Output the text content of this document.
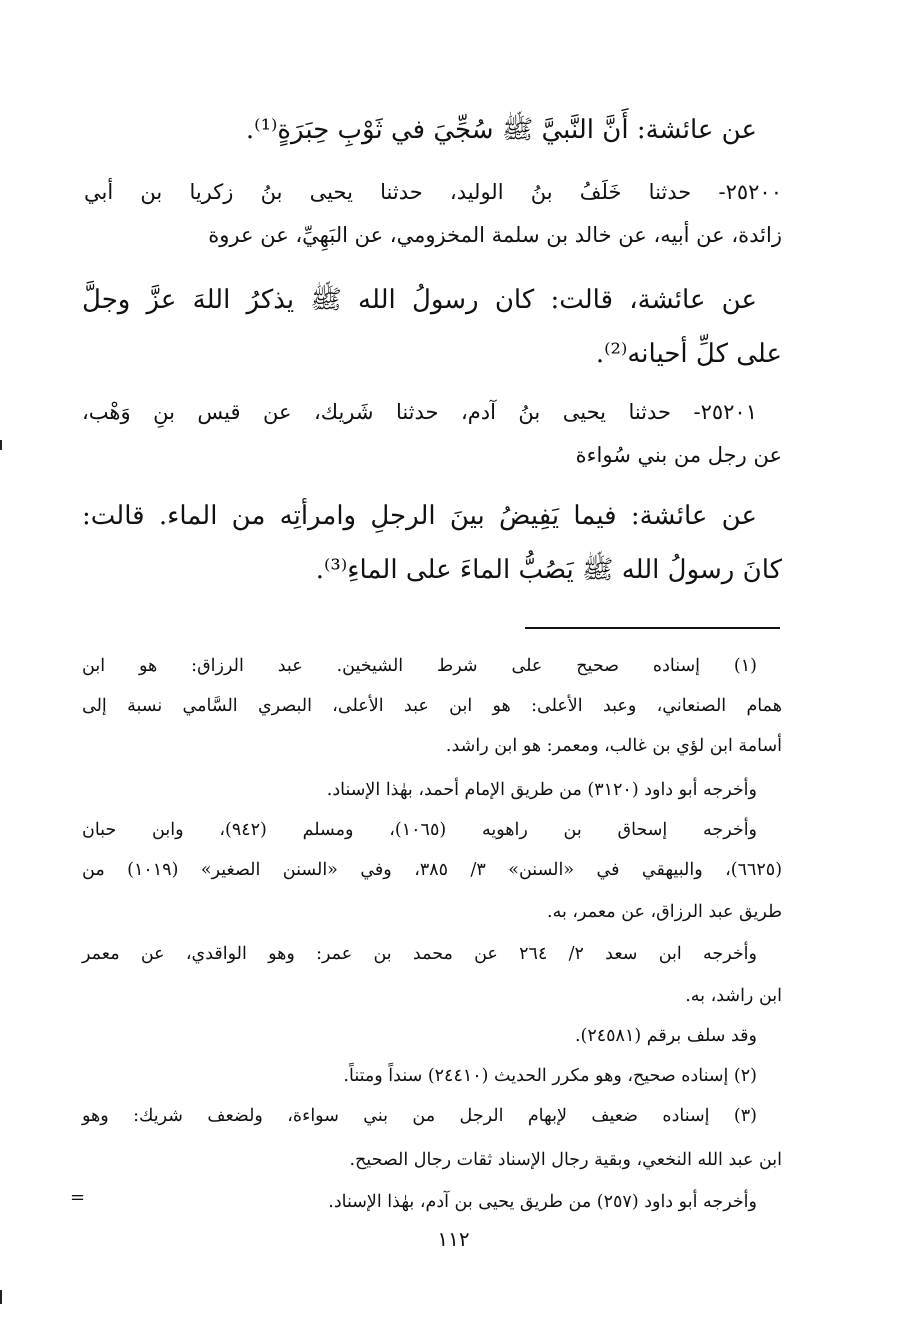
عن عائشة: أَنَّ النَّبيَّ ﷺ سُجِّيَ في ثَوْبِ حِبَرَةٍ⁽¹⁾.
٢٥٢٠٠- حدثنا خَلَفُ بنُ الوليد، حدثنا يحيى بنُ زكريا بن أبي
زائدة، عن أبيه، عن خالد بن سلمة المخزومي، عن البَهِيِّ، عن عروة
عن عائشة، قالت: كان رسولُ الله ﷺ يذكرُ اللهَ عزَّ وجلَّ
على كلِّ أحيانه⁽²⁾.
٢٥٢٠١- حدثنا يحيى بنُ آدم، حدثنا شَريك، عن قيس بنِ وَهْب،
عن رجل من بني سُواءة
عن عائشة: فيما يَفِيضُ بينَ الرجلِ وامرأتِه من الماء. قالت:
كانَ رسولُ الله ﷺ يَصُبُّ الماءَ على الماءِ⁽³⁾.
(١) إسناده صحيح على شرط الشيخين. عبد الرزاق: هو ابن
همام الصنعاني، وعبد الأعلى: هو ابن عبد الأعلى، البصري السَّامي نسبة إلى
أسامة ابن لؤي بن غالب، ومعمر: هو ابن راشد.
وأخرجه أبو داود (٣١٢٠) من طريق الإمام أحمد، بهٰذا الإسناد.
وأخرجه إسحاق بن راهويه (١٠٦٥)، ومسلم (٩٤٢)، وابن حبان
(٦٦٢٥)، والبيهقي في «السنن» ٣/ ٣٨٥، وفي «السنن الصغير» (١٠١٩) من
طريق عبد الرزاق، عن معمر، به.
وأخرجه ابن سعد ٢/ ٢٦٤ عن محمد بن عمر: وهو الواقدي، عن معمر
ابن راشد، به.
وقد سلف برقم (٢٤٥٨١).
(٢) إسناده صحيح، وهو مكرر الحديث (٢٤٤١٠) سنداً ومتناً.
(٣) إسناده ضعيف لإبهام الرجل من بني سواءة، ولضعف شريك: وهو
ابن عبد الله النخعي، وبقية رجال الإسناد ثقات رجال الصحيح.
وأخرجه أبو داود (٢٥٧) من طريق يحيى بن آدم، بهٰذا الإسناد.
=
١١٢
